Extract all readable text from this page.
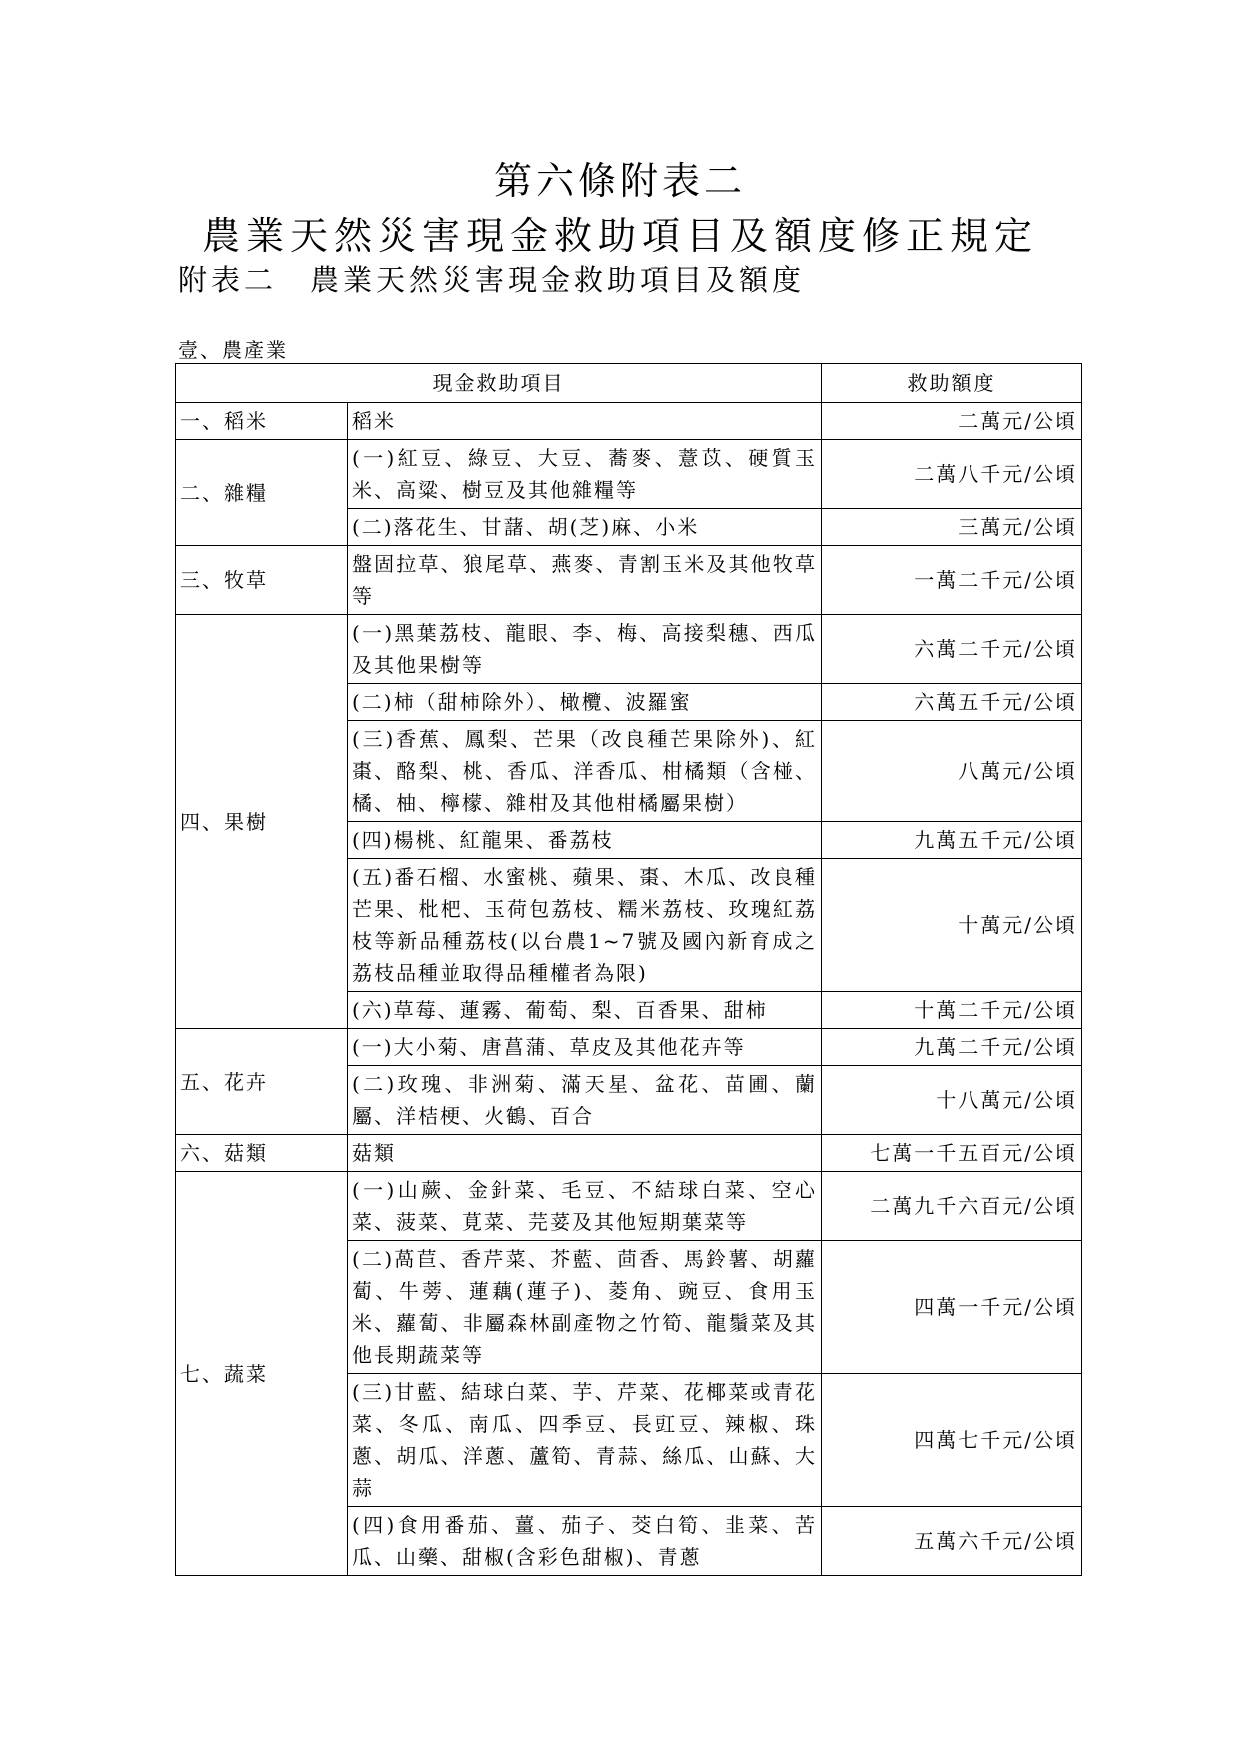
第六條附表二
農業天然災害現金救助項目及額度修正規定
附表二　農業天然災害現金救助項目及額度
壹、農產業
現金救助項目		救助額度
一、稻米	稻米	二萬元/公頃
二、雜糧	(一)紅豆、綠豆、大豆、蕎麥、薏苡、硬質玉米、高粱、樹豆及其他雜糧等	二萬八千元/公頃
	(二)落花生、甘藷、胡(芝)麻、小米	三萬元/公頃
三、牧草	盤固拉草、狼尾草、燕麥、青割玉米及其他牧草等	一萬二千元/公頃
四、果樹	(一)黑葉荔枝、龍眼、李、梅、高接梨穗、西瓜及其他果樹等	六萬二千元/公頃
	(二)柿（甜柿除外）、橄欖、波羅蜜	六萬五千元/公頃
	(三)香蕉、鳳梨、芒果（改良種芒果除外)、紅棗、酪梨、桃、香瓜、洋香瓜、柑橘類（含椪、橘、柚、檸檬、雜柑及其他柑橘屬果樹）	八萬元/公頃
	(四)楊桃、紅龍果、番荔枝	九萬五千元/公頃
	(五)番石榴、水蜜桃、蘋果、棗、木瓜、改良種芒果、枇杷、玉荷包荔枝、糯米荔枝、玫瑰紅荔枝等新品種荔枝(以台農1~7號及國內新育成之荔枝品種並取得品種權者為限)	十萬元/公頃
	(六)草莓、蓮霧、葡萄、梨、百香果、甜柿	十萬二千元/公頃
五、花卉	(一)大小菊、唐菖蒲、草皮及其他花卉等	九萬二千元/公頃
	(二)玫瑰、非洲菊、滿天星、盆花、苗圃、蘭屬、洋桔梗、火鶴、百合	十八萬元/公頃
六、菇類	菇類	七萬一千五百元/公頃
七、蔬菜	(一)山蕨、金針菜、毛豆、不結球白菜、空心菜、菠菜、莧菜、芫荽及其他短期葉菜等	二萬九千六百元/公頃
	(二)萵苣、香芹菜、芥藍、茴香、馬鈴薯、胡蘿蔔、牛蒡、蓮藕(蓮子)、菱角、豌豆、食用玉米、蘿蔔、非屬森林副產物之竹筍、龍鬚菜及其他長期蔬菜等	四萬一千元/公頃
	(三)甘藍、結球白菜、芋、芹菜、花椰菜或青花菜、冬瓜、南瓜、四季豆、長豇豆、辣椒、珠蔥、胡瓜、洋蔥、蘆筍、青蒜、絲瓜、山蘇、大蒜	四萬七千元/公頃
	(四)食用番茄、薑、茄子、茭白筍、韭菜、苦瓜、山藥、甜椒(含彩色甜椒)、青蔥	五萬六千元/公頃
